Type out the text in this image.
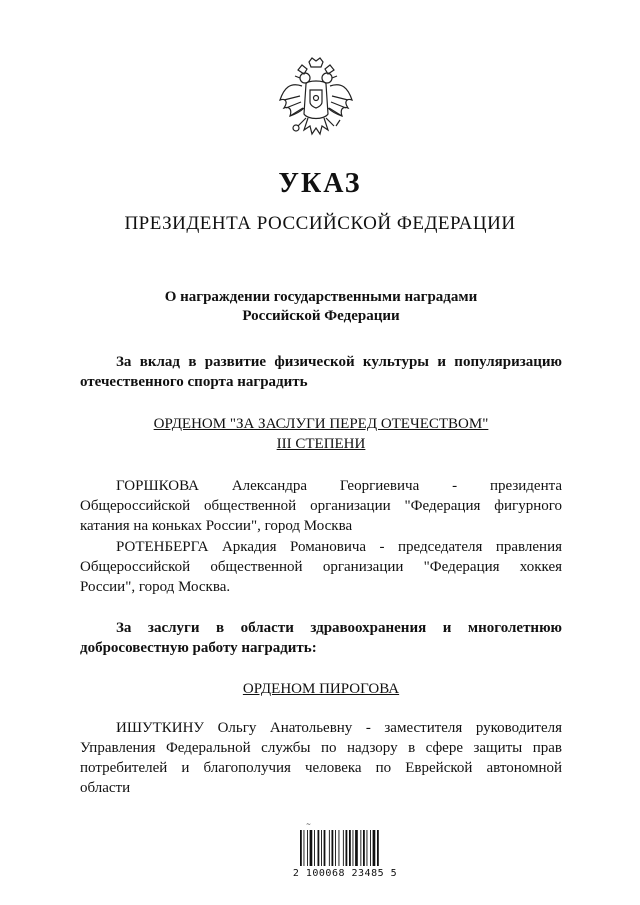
УКАЗ
ПРЕЗИДЕНТА РОССИЙСКОЙ ФЕДЕРАЦИИ
О награждении государственными наградами
Российской Федерации
За вклад в развитие физической культуры и популяризацию
отечественного спорта наградить
ОРДЕНОМ "ЗА ЗАСЛУГИ ПЕРЕД ОТЕЧЕСТВОМ"
III СТЕПЕНИ
ГОРШКОВА Александра Георгиевича - президента
Общероссийской общественной организации "Федерация фигурного
катания на коньках России", город Москва
РОТЕНБЕРГА Аркадия Романовича - председателя правления
Общероссийской общественной организации "Федерация хоккея
России", город Москва.
За заслуги в области здравоохранения и многолетнюю
добросовестную работу наградить:
ОРДЕНОМ ПИРОГОВА
ИШУТКИНУ Ольгу Анатольевну - заместителя руководителя
Управления Федеральной службы по надзору в сфере защиты прав
потребителей и благополучия человека по Еврейской автономной
области
~
2 100068 23485 5
